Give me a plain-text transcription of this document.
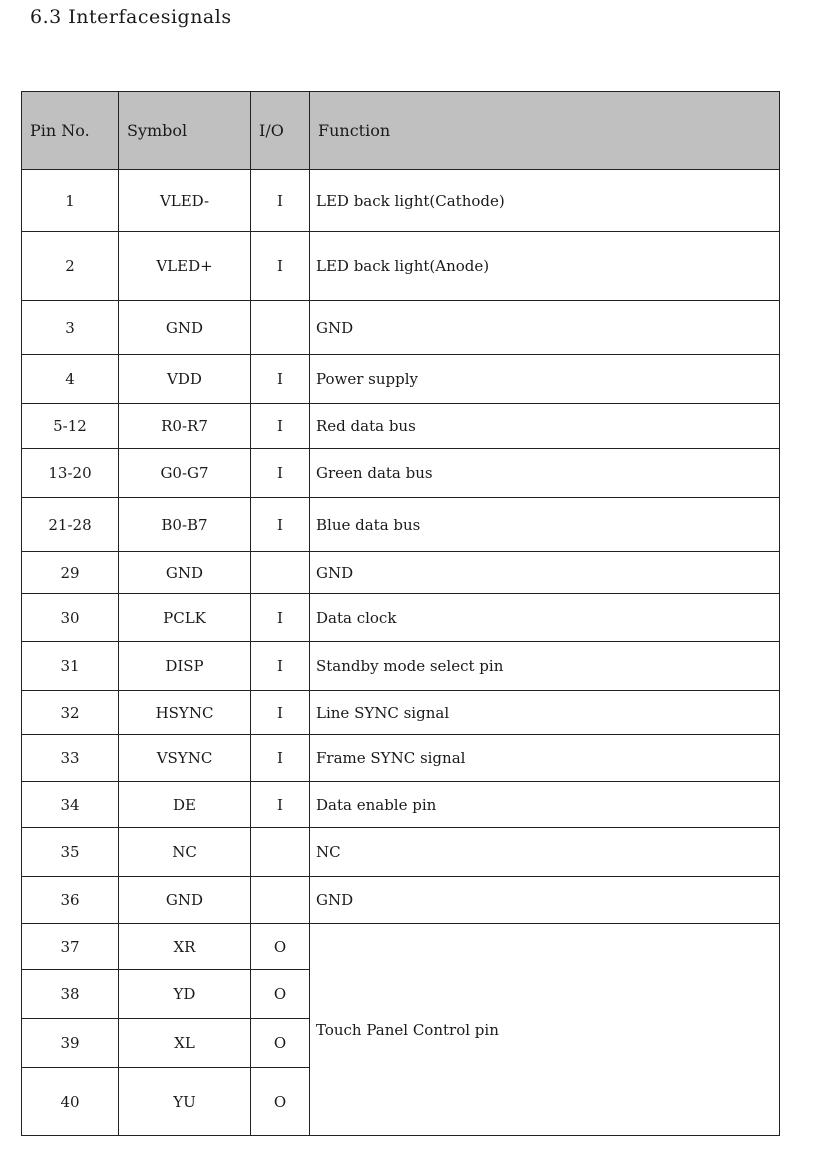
6.3 Interfacesignals
Pin No.	Symbol	I/O	Function
1	VLED-	I	LED back light(Cathode)
2	VLED+	I	LED back light(Anode)
3	GND		GND
4	VDD	I	Power supply
5-12	R0-R7	I	Red data bus
13-20	G0-G7	I	Green data bus
21-28	B0-B7	I	Blue data bus
29	GND		GND
30	PCLK	I	Data clock
31	DISP	I	Standby mode select pin
32	HSYNC	I	Line SYNC signal
33	VSYNC	I	Frame SYNC signal
34	DE	I	Data enable pin
35	NC		NC
36	GND		GND
37	XR	O	Touch Panel Control pin
38	YD	O	
39	XL	O	
40	YU	O	
